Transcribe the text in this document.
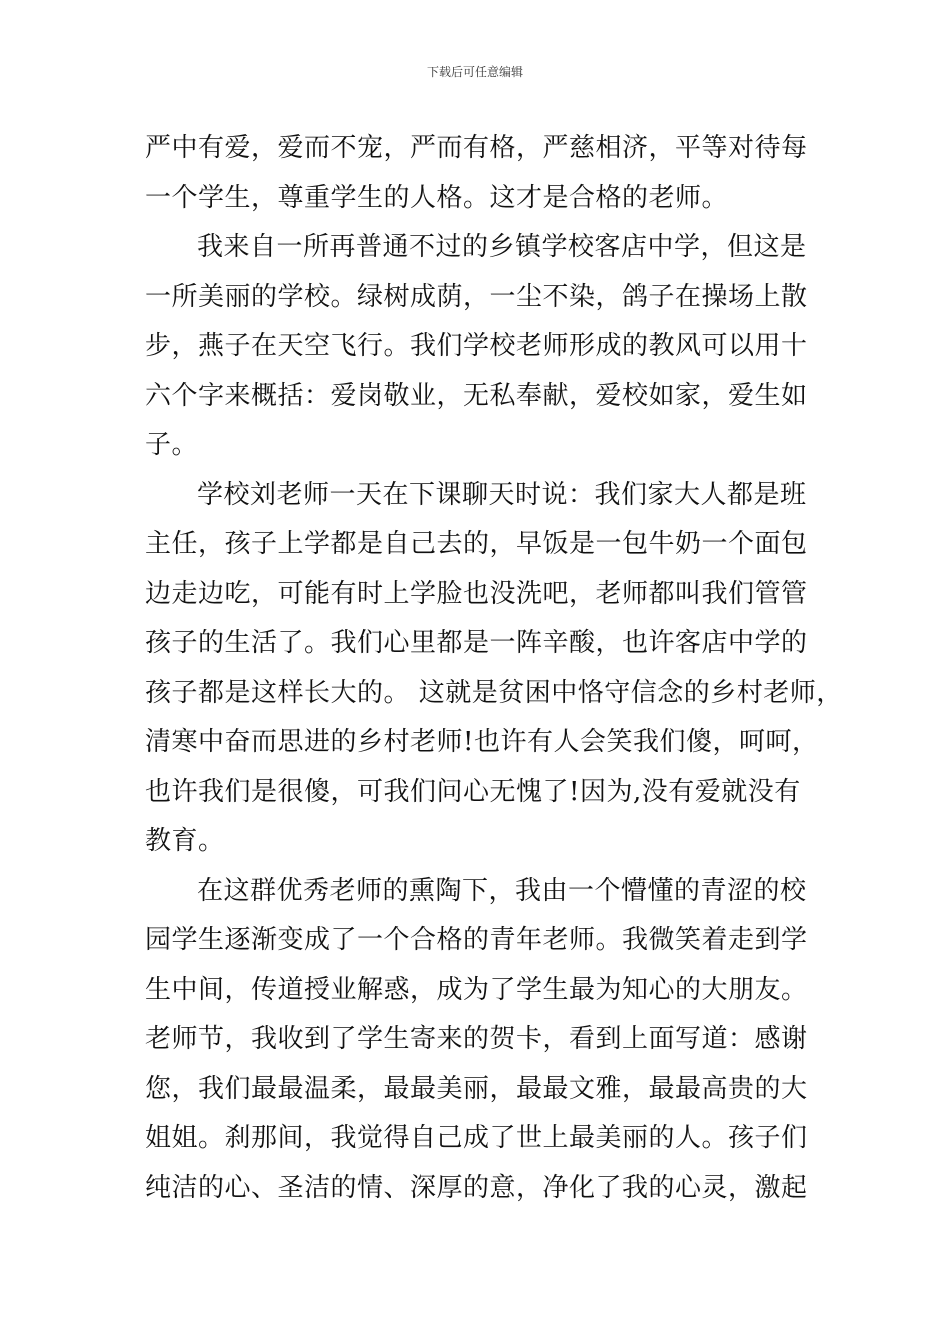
下载后可任意编辑
严中有爱，爱而不宠，严而有格，严慈相济，平等对待每
一个学生，尊重学生的人格。这才是合格的老师。
我来自一所再普通不过的乡镇学校客店中学，但这是
一所美丽的学校。绿树成荫，一尘不染，鸽子在操场上散
步，燕子在天空飞行。我们学校老师形成的教风可以用十
六个字来概括：爱岗敬业，无私奉献，爱校如家，爱生如
子。
学校刘老师一天在下课聊天时说：我们家大人都是班
主任，孩子上学都是自己去的，早饭是一包牛奶一个面包
边走边吃，可能有时上学脸也没洗吧，老师都叫我们管管
孩子的生活了。我们心里都是一阵辛酸，也许客店中学的
孩子都是这样长大的。 这就是贫困中恪守信念的乡村老师，
清寒中奋而思进的乡村老师!也许有人会笑我们傻，呵呵，
也许我们是很傻，可我们问心无愧了!因为,没有爱就没有
教育。
在这群优秀老师的熏陶下，我由一个懵懂的青涩的校
园学生逐渐变成了一个合格的青年老师。我微笑着走到学
生中间，传道授业解惑，成为了学生最为知心的大朋友。
老师节，我收到了学生寄来的贺卡，看到上面写道：感谢
您，我们最最温柔，最最美丽，最最文雅，最最高贵的大
姐姐。刹那间，我觉得自己成了世上最美丽的人。孩子们
纯洁的心、圣洁的情、深厚的意，净化了我的心灵，激起
